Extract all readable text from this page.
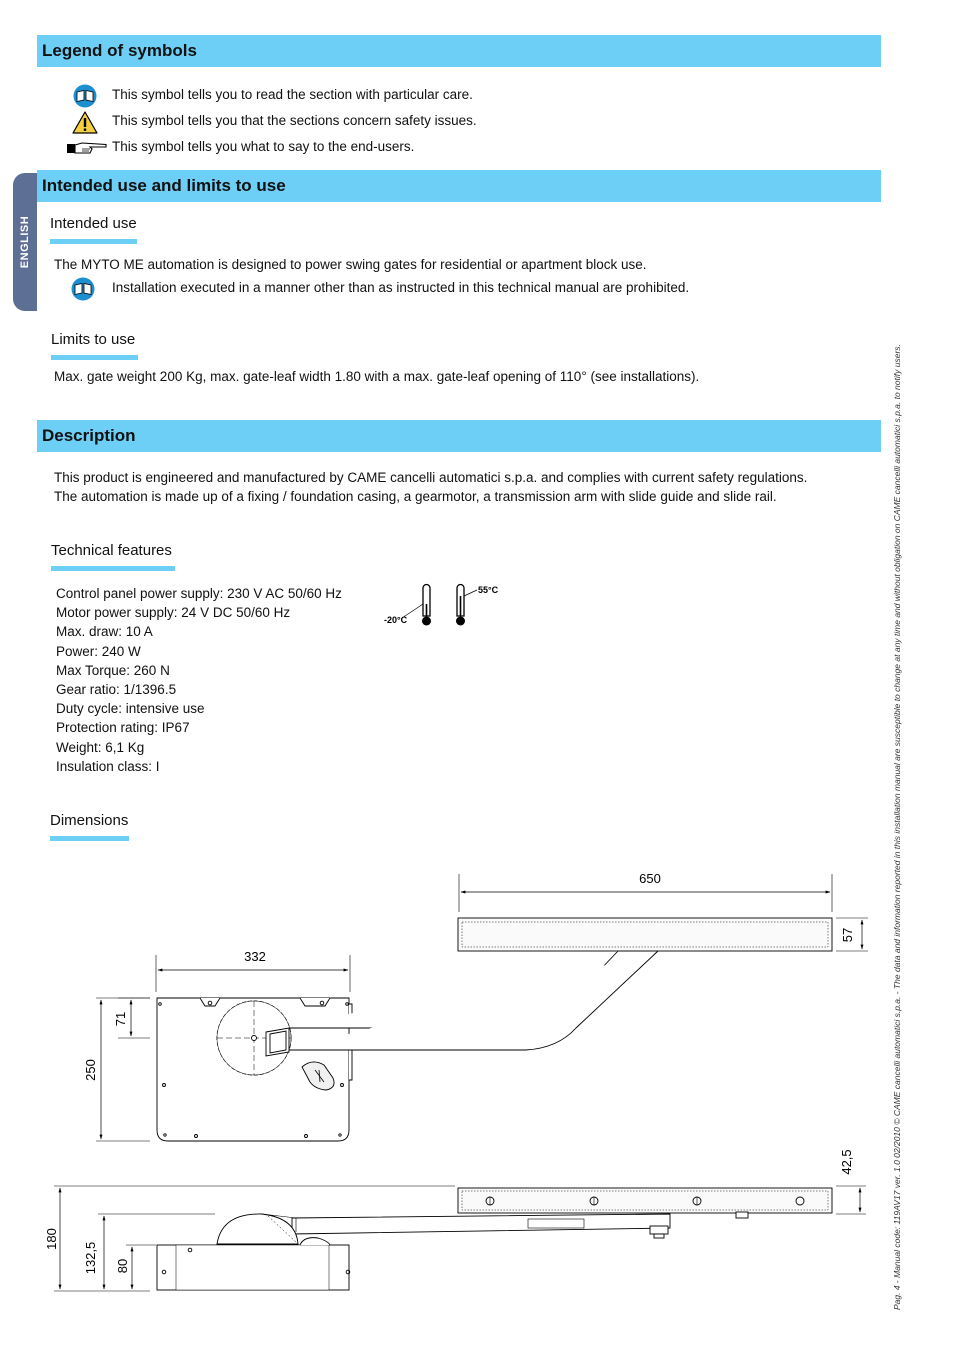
Legend of symbols
This symbol tells you to read the section with particular care.
This symbol tells you that the sections concern safety issues.
This symbol tells you what to say to the end-users.
ENGLISH
Intended use and limits to use
Intended use
The MYTO ME automation is designed to power swing gates for residential or apartment block use.
Installation executed in a manner other than as instructed in this technical manual are prohibited.
Limits to use
Max. gate weight 200 Kg, max. gate-leaf width 1.80 with a max. gate-leaf opening of 110° (see installations).
Description
This product is engineered and manufactured by CAME cancelli automatici s.p.a. and complies with current safety regulations.
The automation is made up of a fixing / foundation casing, a gearmotor, a transmission arm with slide guide and slide rail.
Technical features
Control panel power supply: 230 V AC 50/60 Hz
Motor power supply: 24 V DC 50/60 Hz
Max. draw: 10 A
Power: 240 W
Max Torque: 260 N
Gear ratio: 1/1396.5
Duty cycle: intensive use
Protection rating: IP67
Weight: 6,1 Kg
Insulation class: I
-20°C
55°C
Dimensions
(mm)
650
57
332
71
250
42,5
180
132,5 80	Pag. 4 - Manual code: 119AV17 ver. 1.0 02/2010 © CAME cancelli automatici s.p.a. - The data and information reported in this installation manual are susceptible to change at any time and without obligation on CAME cancelli automatici s.p.a. to notify users.
